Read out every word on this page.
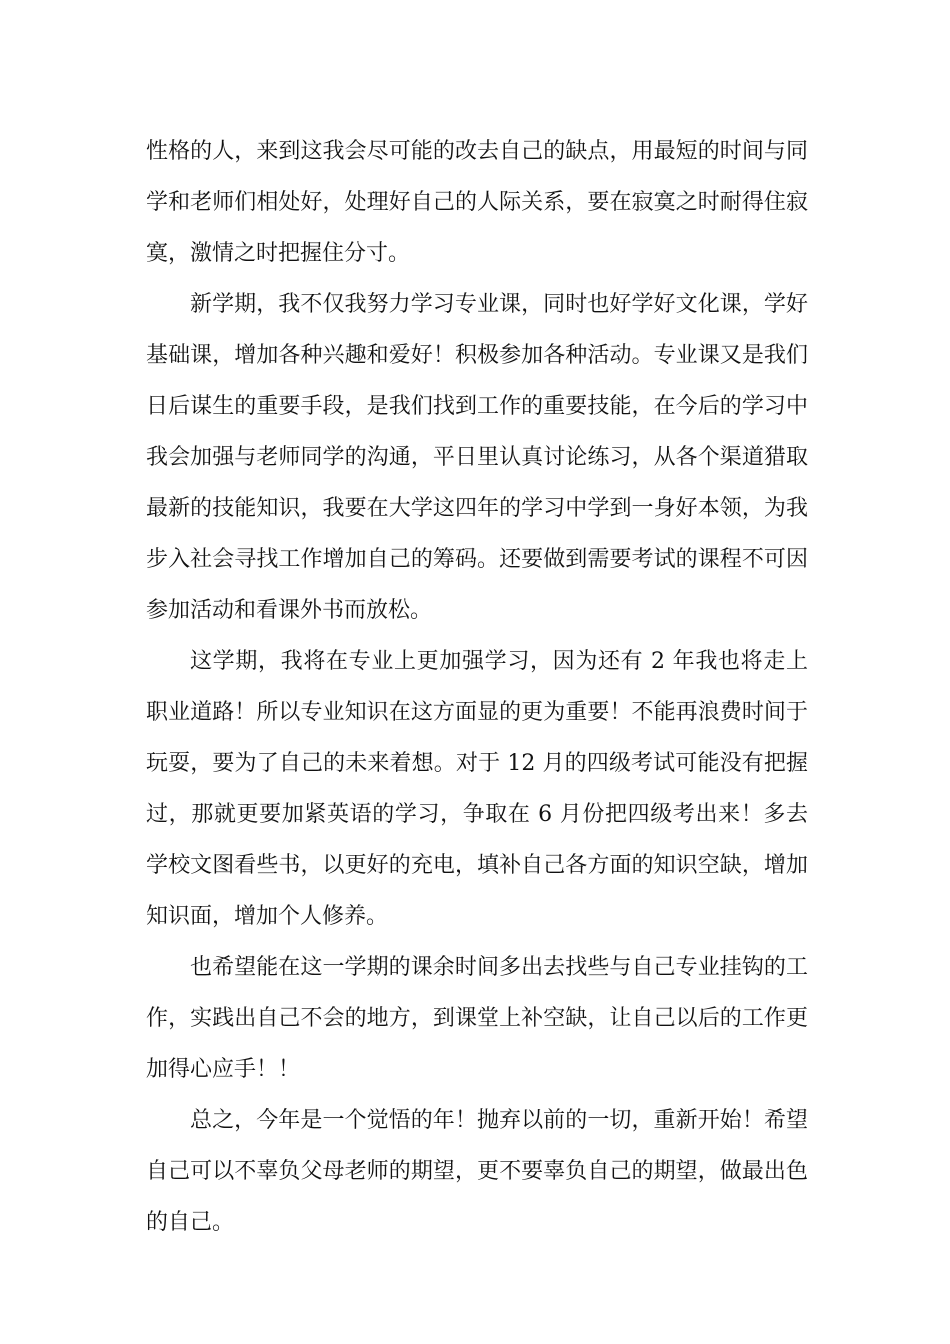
性格的人，来到这我会尽可能的改去自己的缺点，用最短的时间与同学和老师们相处好，处理好自己的人际关系，要在寂寞之时耐得住寂寞，激情之时把握住分寸。

新学期，我不仅我努力学习专业课，同时也好学好文化课，学好基础课，增加各种兴趣和爱好！积极参加各种活动。专业课又是我们日后谋生的重要手段，是我们找到工作的重要技能，在今后的学习中我会加强与老师同学的沟通，平日里认真讨论练习，从各个渠道猎取最新的技能知识，我要在大学这四年的学习中学到一身好本领，为我步入社会寻找工作增加自己的筹码。还要做到需要考试的课程不可因参加活动和看课外书而放松。

这学期，我将在专业上更加强学习，因为还有 2 年我也将走上职业道路！所以专业知识在这方面显的更为重要！不能再浪费时间于玩耍，要为了自己的未来着想。对于 12 月的四级考试可能没有把握过，那就更要加紧英语的学习，争取在 6 月份把四级考出来！多去学校文图看些书，以更好的充电，填补自己各方面的知识空缺，增加知识面，增加个人修养。

也希望能在这一学期的课余时间多出去找些与自己专业挂钩的工作，实践出自己不会的地方，到课堂上补空缺，让自己以后的工作更加得心应手！！

总之，今年是一个觉悟的年！抛弃以前的一切，重新开始！希望自己可以不辜负父母老师的期望，更不要辜负自己的期望，做最出色的自己。
